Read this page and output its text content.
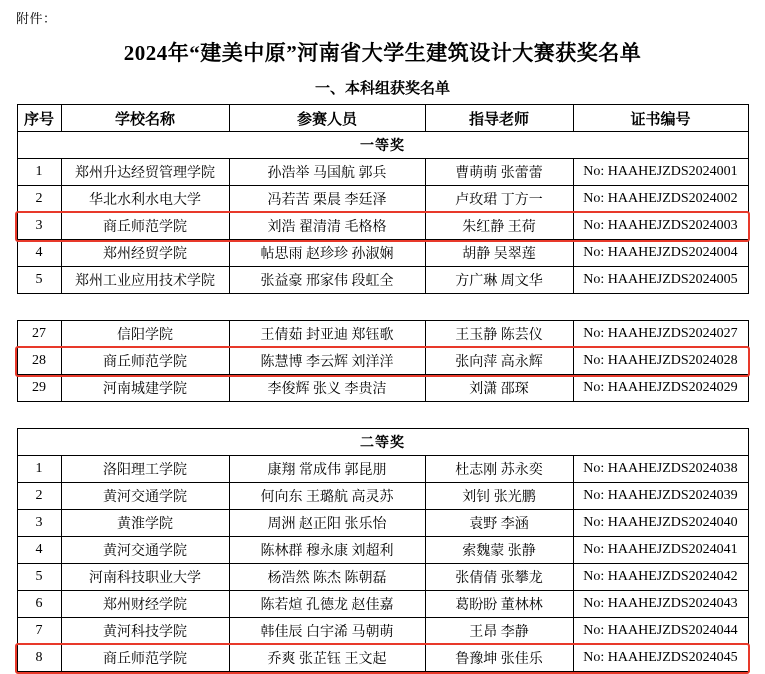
附件：
2024年“建美中原”河南省大学生建筑设计大赛获奖名单
一、本科组获奖名单
序号	学校名称	参赛人员	指导老师	证书编号
一等奖				
1	郑州升达经贸管理学院	孙浩举 马国航 郭兵	曹萌萌 张蕾蕾	No: HAAHEJZDS2024001
2	华北水利水电大学	冯若苦 栗晨 李廷泽	卢玫珺 丁方一	No: HAAHEJZDS2024002
3	商丘师范学院	刘浩 翟清清 毛格格	朱红静 王荷	No: HAAHEJZDS2024003
4	郑州经贸学院	帖思雨 赵珍珍 孙淑娴	胡静 吴翠莲	No: HAAHEJZDS2024004
5	郑州工业应用技术学院	张益豪 邢家伟 段虹全	方广琳 周文华	No: HAAHEJZDS2024005

27	信阳学院	王倩茹 封亚迪 郑钰歌	王玉静 陈芸仪	No: HAAHEJZDS2024027
28	商丘师范学院	陈慧博 李云辉 刘洋洋	张向萍 高永辉	No: HAAHEJZDS2024028
29	河南城建学院	李俊辉 张义 李贵洁	刘潇 邵琛	No: HAAHEJZDS2024029

二等奖				
1	洛阳理工学院	康翔 常成伟 郭昆朋	杜志刚 苏永奕	No: HAAHEJZDS2024038
2	黄河交通学院	何向东 王璐航 高灵苏	刘钊 张光鹏	No: HAAHEJZDS2024039
3	黄淮学院	周洲 赵正阳 张乐怡	袁野 李涵	No: HAAHEJZDS2024040
4	黄河交通学院	陈林群 穆永康 刘超利	索魏蒙 张静	No: HAAHEJZDS2024041
5	河南科技职业大学	杨浩然 陈杰 陈朝磊	张倩倩 张攀龙	No: HAAHEJZDS2024042
6	郑州财经学院	陈若煊 孔德龙 赵佳嘉	葛盼盼 董林林	No: HAAHEJZDS2024043
7	黄河科技学院	韩佳辰 白宇浠 马朝萌	王昂 李静	No: HAAHEJZDS2024044
8	商丘师范学院	乔爽 张芷钰 王文起	鲁豫坤 张佳乐	No: HAAHEJZDS2024045
